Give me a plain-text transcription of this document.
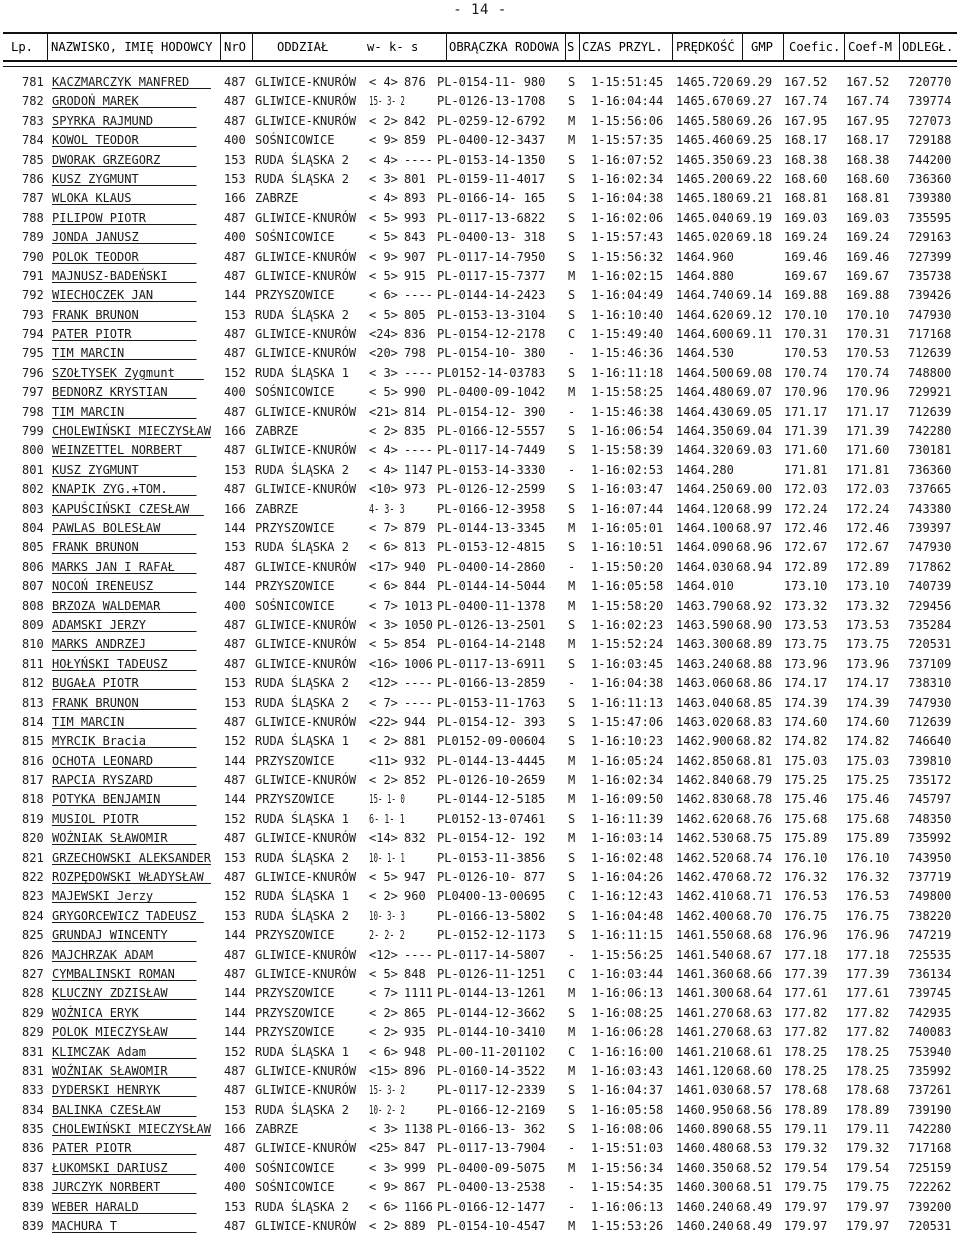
- 14 -
Lp. NAZWISKO, IMIĘ HODOWCY NrO	ODDZIAŁ	w- k- s	OBRĄCZKA RODOWA S CZAS PRZYL. PRĘDKOŚĆ GMP Coefic. Coef-M ODLEGŁ.
781 KACZMARCZYK MANFRED___ 487 GLIWICE-KNURÓW < 4> 876 PL-0154-11- 980 S 1-15:51:45 1465.720 69.29 167.52 167.52 720770
782 GRODOŃ MAREK________ 487 GLIWICE-KNURÓW 15- 3- 2	PL-0126-13-1708 S 1-16:04:44 1465.670 69.27 167.74 167.74 739774
783 SPYRKA RAJMUND______ 487 GLIWICE-KNURÓW < 2> 842 PL-0259-12-6792 M 1-15:56:06 1465.580 69.26 167.95 167.95 727073
784 KOWOL TEODOR________ 400 SOŚNICOWICE	< 9> 859 PL-0400-12-3437 M 1-15:57:35 1465.460 69.25 168.17 168.17 729188
785 DWORAK GRZEGORZ_____ 153 RUDA ŚLĄSKA 2 < 4> ---- PL-0153-14-1350 S 1-16:07:52 1465.350 69.23 168.38 168.38 744200
786 KUSZ ZYGMUNT________ 153 RUDA ŚLĄSKA 2 < 3> 801 PL-0159-11-4017 S 1-16:02:34 1465.200 69.22 168.60 168.60 736360
787 WLOKA KLAUS_________ 166 ZABRZE	< 4> 893 PL-0166-14- 165 S 1-16:04:38 1465.180 69.21 168.81 168.81 739380
788 PILIPOW PIOTR_______ 487 GLIWICE-KNURÓW < 5> 993 PL-0117-13-6822 S 1-16:02:06 1465.040 69.19 169.03 169.03 735595
789 JONDA JANUSZ________ 400 SOŚNICOWICE	< 5> 843 PL-0400-13- 318 S 1-15:57:43 1465.020 69.18 169.24 169.24 729163
790 POLOK TEODOR________ 487 GLIWICE-KNURÓW < 9> 907 PL-0117-14-7950 S 1-15:56:32 1464.960	169.46 169.46 727399
791 MAJNUSZ-BADEŃSKI____ 487 GLIWICE-KNURÓW < 5> 915 PL-0117-15-7377 M 1-16:02:15 1464.880	169.67 169.67 735738
792 WIECHOCZEK JAN______ 144 PRZYSZOWICE	< 6> ---- PL-0144-14-2423 S 1-16:04:49 1464.740 69.14 169.88 169.88 739426
793 FRANK BRUNON________ 153 RUDA ŚLĄSKA 2 < 5> 805 PL-0153-13-3104 S 1-16:10:40 1464.620 69.12 170.10 170.10 747930
794 PATER PIOTR_________ 487 GLIWICE-KNURÓW <24> 836 PL-0154-12-2178 C 1-15:49:40 1464.600 69.11 170.31 170.31 717168
795 TIM MARCIN__________ 487 GLIWICE-KNURÓW <20> 798 PL-0154-10- 380 - 1-15:46:36 1464.530	170.53 170.53 712639
796 SZOŁTYSEK Zygmunt ___ 152 RUDA ŚLĄSKA 1 < 3> ---- PL0152-14-03783 S 1-16:11:18 1464.500 69.08 170.74 170.74 748800
797 BEDNORZ KRYSTIAN____ 400 SOŚNICOWICE	< 5> 990 PL-0400-09-1042 M 1-15:58:25 1464.480 69.07 170.96 170.96 729921
798 TIM MARCIN__________ 487 GLIWICE-KNURÓW <21> 814 PL-0154-12- 390 - 1-15:46:38 1464.430 69.05 171.17 171.17 712639
799 CHOLEWIŃSKI MIECZYSŁAW 166 ZABRZE	< 2> 835 PL-0166-12-5557 S 1-16:06:54 1464.350 69.04 171.39 171.39 742280
800 WEINZETTEL NORBERT__ 487 GLIWICE-KNURÓW < 4> ---- PL-0117-14-7449 S 1-15:58:39 1464.320 69.03 171.60 171.60 730181
801 KUSZ ZYGMUNT________ 153 RUDA ŚLĄSKA 2 < 4> 1147 PL-0153-14-3330 - 1-16:02:53 1464.280	171.81 171.81 736360
802 KNAPIK ZYG.+TOM.____ 487 GLIWICE-KNURÓW <10> 973 PL-0126-12-2599 S 1-16:03:47 1464.250 69.00 172.03 172.03 737665
803 KAPUŚCIŃSKI CZESŁAW__ 166 ZABRZE	4- 3- 3	PL-0166-12-3958 S 1-16:07:44 1464.120 68.99 172.24 172.24 743380
804 PAWLAS BOLESŁAW_____ 144 PRZYSZOWICE	< 7> 879 PL-0144-13-3345 M 1-16:05:01 1464.100 68.97 172.46 172.46 739397
805 FRANK BRUNON________ 153 RUDA ŚLĄSKA 2 < 6> 813 PL-0153-12-4815 S 1-16:10:51 1464.090 68.96 172.67 172.67 747930
806 MARKS JAN I RAFAŁ___ 487 GLIWICE-KNURÓW <17> 940 PL-0400-14-2860 - 1-15:50:20 1464.030 68.94 172.89 172.89 717862
807 NOCOŃ IRENEUSZ______ 144 PRZYSZOWICE	< 6> 844 PL-0144-14-5044 M 1-16:05:58 1464.010	173.10 173.10 740739
808 BRZOZA WALDEMAR_____ 400 SOŚNICOWICE	< 7> 1013 PL-0400-11-1378 M 1-15:58:20 1463.790 68.92 173.32 173.32 729456
809 ADAMSKI JERZY_______ 487 GLIWICE-KNURÓW < 3> 1050 PL-0126-13-2501 S 1-16:02:23 1463.590 68.90 173.53 173.53 735284
810 MARKS ANDRZEJ_______ 487 GLIWICE-KNURÓW < 5> 854 PL-0164-14-2148 M 1-15:52:24 1463.300 68.89 173.75 173.75 720531
811 HOŁYŃSKI TADEUSZ____ 487 GLIWICE-KNURÓW <16> 1006 PL-0117-13-6911 S 1-16:03:45 1463.240 68.88 173.96 173.96 737109
812 BUGAŁA PIOTR________ 153 RUDA ŚLĄSKA 2 <12> ---- PL-0166-13-2859 - 1-16:04:38 1463.060 68.86 174.17 174.17 738310
813 FRANK BRUNON________ 153 RUDA ŚLĄSKA 2 < 7> ---- PL-0153-11-1763 S 1-16:11:13 1463.040 68.85 174.39 174.39 747930
814 TIM MARCIN__________ 487 GLIWICE-KNURÓW <22> 944 PL-0154-12- 393 S 1-15:47:06 1463.020 68.83 174.60 174.60 712639
815 MYRCIK Bracia_______ 152 RUDA ŚLĄSKA 1 < 2> 881 PL0152-09-00604 S 1-16:10:23 1462.900 68.82 174.82 174.82 746640
816 OCHOTA LEONARD______ 144 PRZYSZOWICE	<11> 932 PL-0144-13-4445 M 1-16:05:24 1462.850 68.81 175.03 175.03 739810
817 RAPCIA RYSZARD______ 487 GLIWICE-KNURÓW < 2> 852 PL-0126-10-2659 M 1-16:02:34 1462.840 68.79 175.25 175.25 735172
818 POTYKA BENJAMIN_____ 144 PRZYSZOWICE	15- 1- 0	PL-0144-12-5185 M 1-16:09:50 1462.830 68.78 175.46 175.46 745797
819 MUSIOL PIOTR________ 152 RUDA ŚLĄSKA 1 6- 1- 1	PL0152-13-07461 S 1-16:11:39 1462.620 68.76 175.68 175.68 748350
820 WOŹNIAK SŁAWOMIR____ 487 GLIWICE-KNURÓW <14> 832 PL-0154-12- 192 M 1-16:03:14 1462.530 68.75 175.89 175.89 735992
821 GRZECHOWSKI ALEKSANDER 153 RUDA ŚLĄSKA 2 10- 1- 1	PL-0153-11-3856 S 1-16:02:48 1462.520 68.74 176.10 176.10 743950
822 ROZPĘDOWSKI WŁADYSŁAW_ 487 GLIWICE-KNURÓW < 5> 947 PL-0126-10- 877 S 1-16:04:26 1462.470 68.72 176.32 176.32 737719
823 MAJEWSKI Jerzy______ 152 RUDA ŚLĄSKA 1 < 2> 960 PL0400-13-00695 C 1-16:12:43 1462.410 68.71 176.53 176.53 749800
824 GRYGORCEWICZ TADEUSZ_ 153 RUDA ŚLĄSKA 2 10- 3- 3	PL-0166-13-5802 S 1-16:04:48 1462.400 68.70 176.75 176.75 738220
825 GRUNDAJ WINCENTY____ 144 PRZYSZOWICE	2- 2- 2	PL-0152-12-1173 S 1-16:11:15 1461.550 68.68 176.96 176.96 747219
826 MAJCHRZAK ADAM______ 487 GLIWICE-KNURÓW <12> ---- PL-0117-14-5807 - 1-15:56:25 1461.540 68.67 177.18 177.18 725535
827 CYMBALINSKI ROMAN___ 487 GLIWICE-KNURÓW < 5> 848 PL-0126-11-1251 C 1-16:03:44 1461.360 68.66 177.39 177.39 736134
828 KLUCZNY ZDZISŁAW____ 144 PRZYSZOWICE	< 7> 1111 PL-0144-13-1261 M 1-16:06:13 1461.300 68.64 177.61 177.61 739745
829 WOŹNICA ERYK________ 144 PRZYSZOWICE	< 2> 865 PL-0144-12-3662 S 1-16:08:25 1461.270 68.63 177.82 177.82 742935
829 POLOK MIECZYSŁAW____ 144 PRZYSZOWICE	< 2> 935 PL-0144-10-3410 M 1-16:06:28 1461.270 68.63 177.82 177.82 740083
831 KLIMCZAK Adam_______ 152 RUDA ŚLĄSKA 1 < 6> 948 PL-00-11-201102 C 1-16:16:00 1461.210 68.61 178.25 178.25 753940
831 WOŹNIAK SŁAWOMIR____ 487 GLIWICE-KNURÓW <15> 896 PL-0160-14-3522 M 1-16:03:43 1461.120 68.60 178.25 178.25 735992
833 DYDERSKI HENRYK_____ 487 GLIWICE-KNURÓW 15- 3- 2	PL-0117-12-2339 S 1-16:04:37 1461.030 68.57 178.68 178.68 737261
834 BALINKA CZESŁAW_____ 153 RUDA ŚLĄSKA 2 10- 2- 2	PL-0166-12-2169 S 1-16:05:58 1460.950 68.56 178.89 178.89 739190
835 CHOLEWIŃSKI MIECZYSŁAW 166 ZABRZE	< 3> 1138 PL-0166-13- 362 S 1-16:08:06 1460.890 68.55 179.11 179.11 742280
836 PATER PIOTR_________ 487 GLIWICE-KNURÓW <25> 847 PL-0117-13-7904 - 1-15:51:03 1460.480 68.53 179.32 179.32 717168
837 ŁUKOMSKI DARIUSZ____ 400 SOŚNICOWICE	< 3> 999 PL-0400-09-5075 M 1-15:56:34 1460.350 68.52 179.54 179.54 725159
838 JURCZYK NORBERT_____ 400 SOŚNICOWICE	< 9> 867 PL-0400-13-2538 - 1-15:54:35 1460.300 68.51 179.75 179.75 722262
839 WEBER HARALD________ 153 RUDA ŚLĄSKA 2 < 6> 1166 PL-0166-12-1477 - 1-16:06:13 1460.240 68.49 179.97 179.97 739200
839 MACHURA T___________ 487 GLIWICE-KNURÓW < 2> 889 PL-0154-10-4547 M 1-15:53:26 1460.240 68.49 179.97 179.97 720531
